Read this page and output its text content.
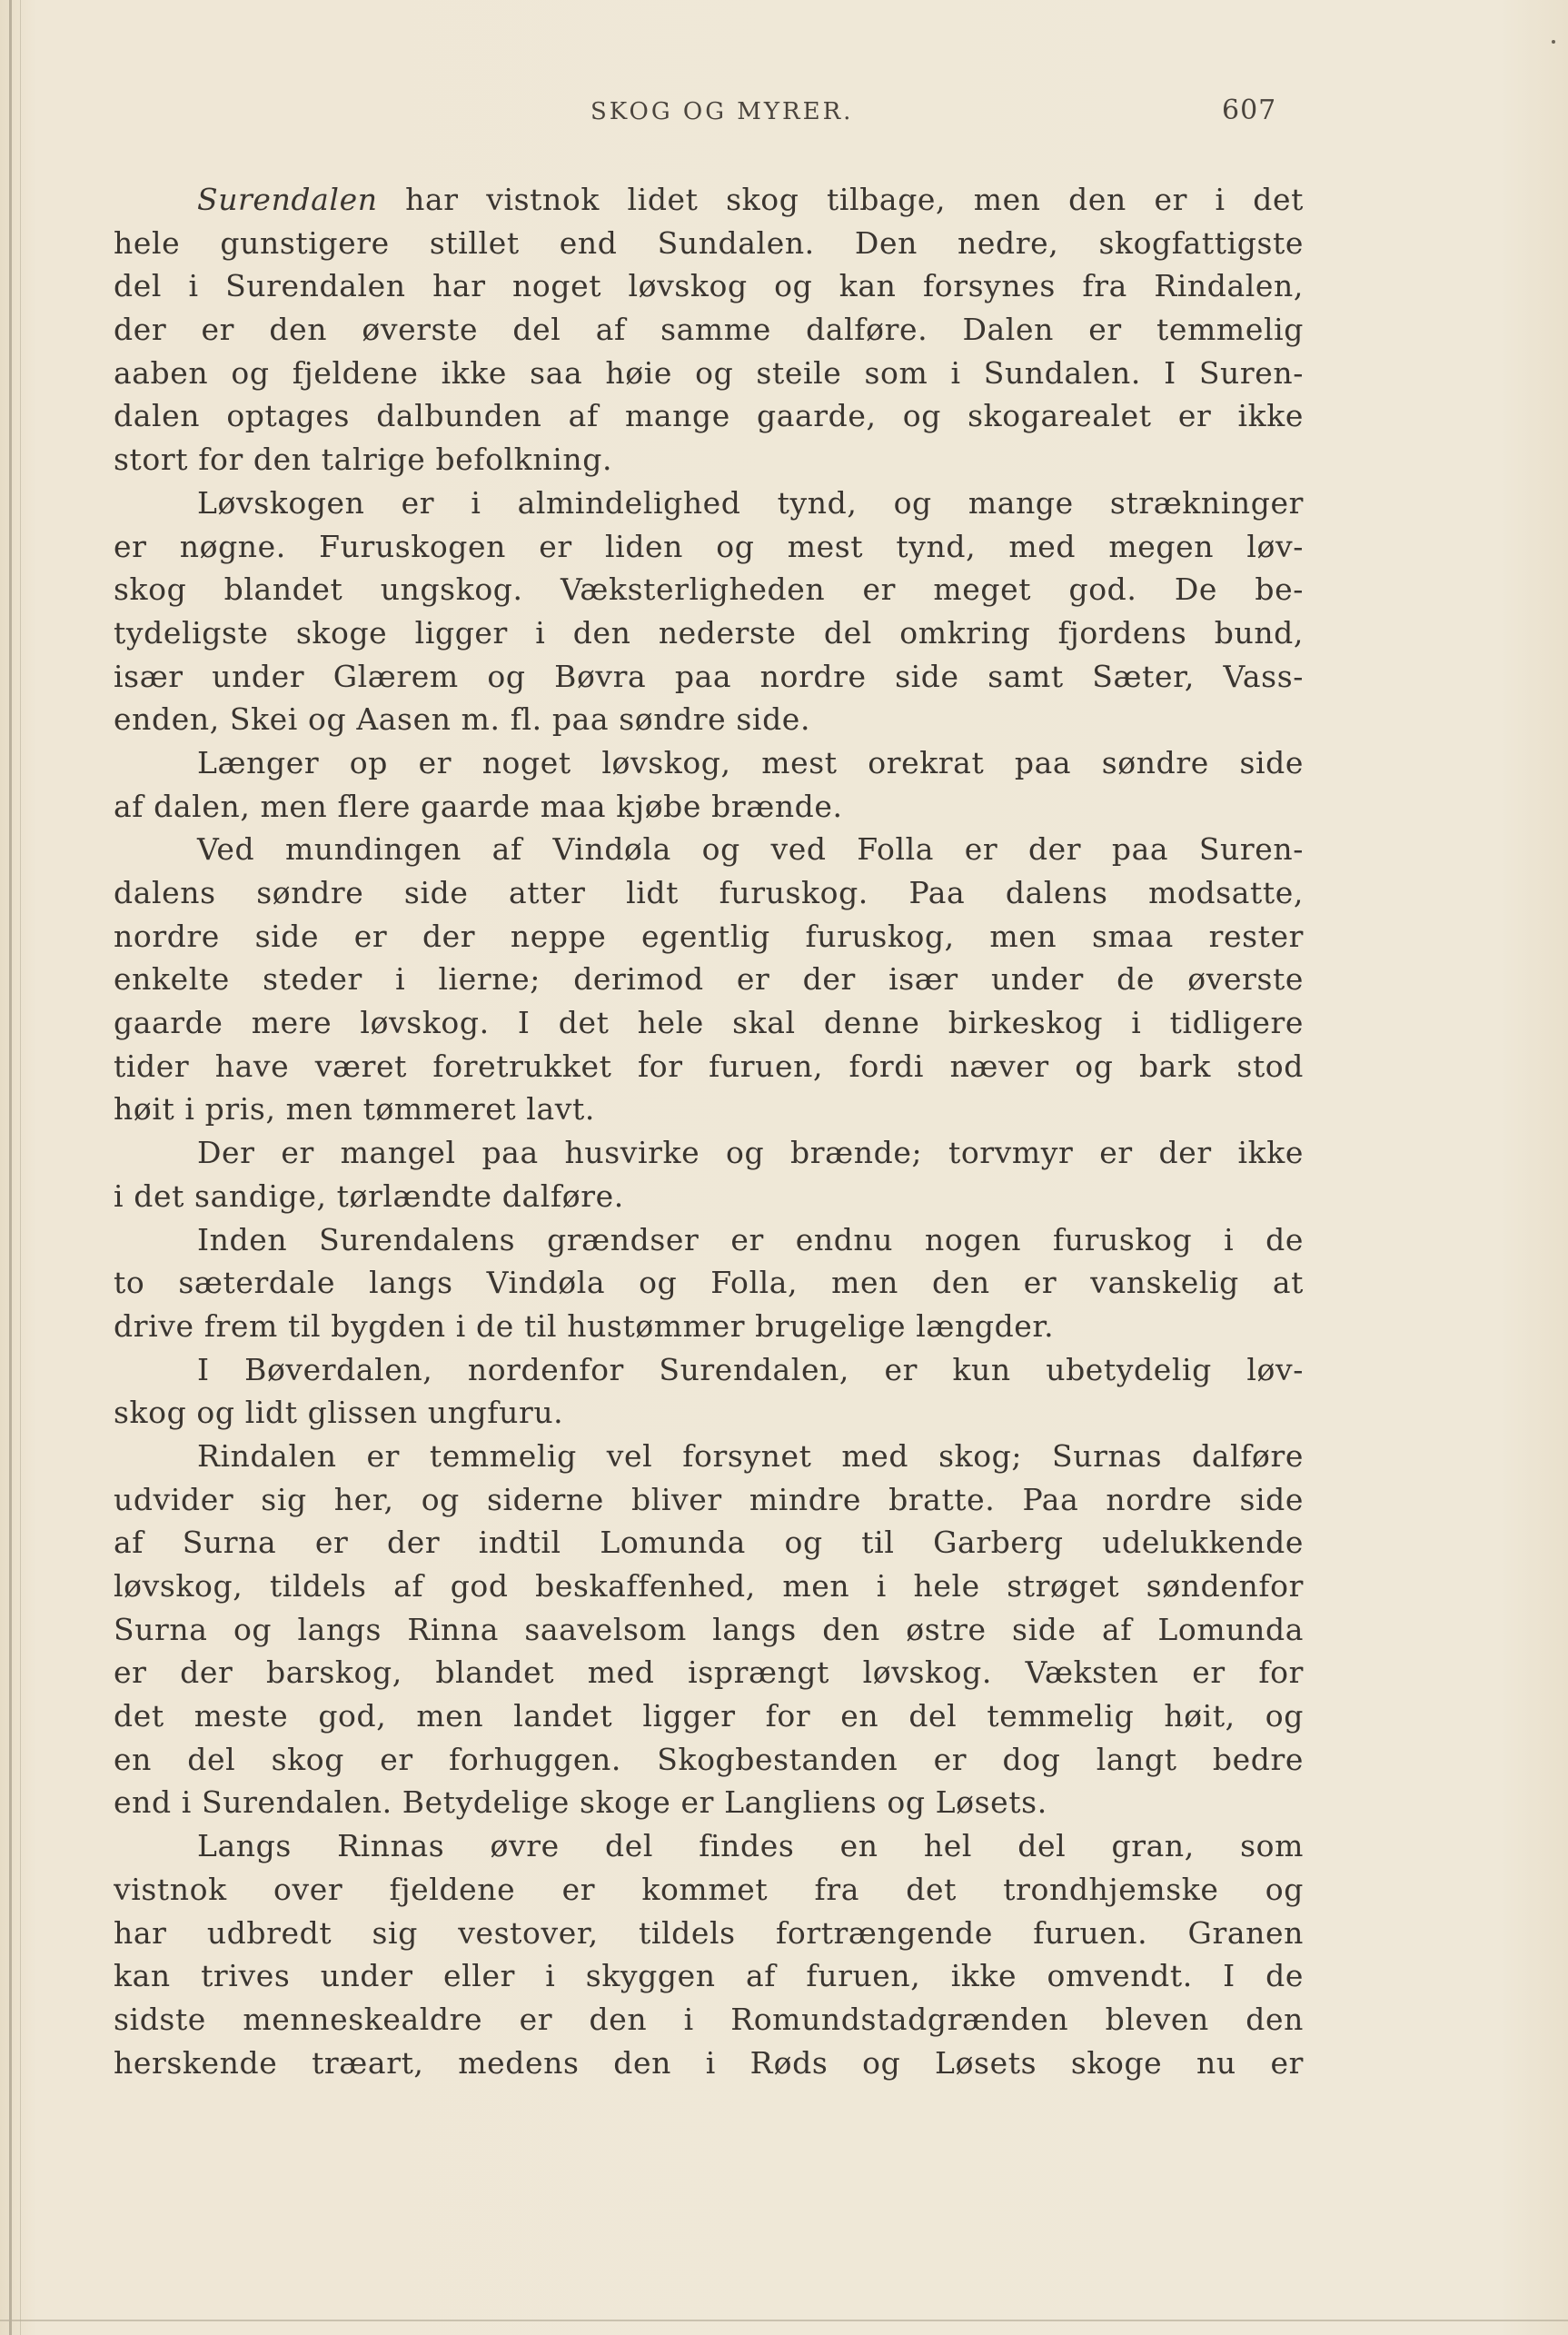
SKOG OG MYRER.	607
Surendalen har vistnok lidet skog tilbage, men den er i det
hele gunstigere stillet end Sundalen. Den nedre, skogfattigste
del i Surendalen har noget løvskog og kan forsynes fra Rindalen,
der er den øverste del af samme dalføre. Dalen er temmelig
aaben og fjeldene ikke saa høie og steile som i Sundalen. I Suren-
dalen optages dalbunden af mange gaarde, og skogarealet er ikke
stort for den talrige befolkning.
Løvskogen er i almindelighed tynd, og mange strækninger
er nøgne. Furuskogen er liden og mest tynd, med megen løv-
skog blandet ungskog. Væksterligheden er meget god. De be-
tydeligste skoge ligger i den nederste del omkring fjordens bund,
især under Glærem og Bøvra paa nordre side samt Sæter, Vass-
enden, Skei og Aasen m. fl. paa søndre side.
Længer op er noget løvskog, mest orekrat paa søndre side
af dalen, men flere gaarde maa kjøbe brænde.
Ved mundingen af Vindøla og ved Folla er der paa Suren-
dalens søndre side atter lidt furuskog. Paa dalens modsatte,
nordre side er der neppe egentlig furuskog, men smaa rester
enkelte steder i lierne; derimod er der især under de øverste
gaarde mere løvskog. I det hele skal denne birkeskog i tidligere
tider have været foretrukket for furuen, fordi næver og bark stod
høit i pris, men tømmeret lavt.
Der er mangel paa husvirke og brænde; torvmyr er der ikke
i det sandige, tørlændte dalføre.
Inden Surendalens grændser er endnu nogen furuskog i de
to sæterdale langs Vindøla og Folla, men den er vanskelig at
drive frem til bygden i de til hustømmer brugelige længder.
I Bøverdalen, nordenfor Surendalen, er kun ubetydelig løv-
skog og lidt glissen ungfuru.
Rindalen er temmelig vel forsynet med skog; Surnas dalføre
udvider sig her, og siderne bliver mindre bratte. Paa nordre side
af Surna er der indtil Lomunda og til Garberg udelukkende
løvskog, tildels af god beskaffenhed, men i hele strøget søndenfor
Surna og langs Rinna saavelsom langs den østre side af Lomunda
er der barskog, blandet med isprængt løvskog. Væksten er for
det meste god, men landet ligger for en del temmelig høit, og
en del skog er forhuggen. Skogbestanden er dog langt bedre
end i Surendalen. Betydelige skoge er Langliens og Løsets.
Langs Rinnas øvre del findes en hel del gran, som
vistnok over fjeldene er kommet fra det trondhjemske og
har udbredt sig vestover, tildels fortrængende furuen. Granen
kan trives under eller i skyggen af furuen, ikke omvendt. I de
sidste menneskealdre er den i Romundstadgrænden bleven den
herskende træart, medens den i Røds og Løsets skoge nu er
